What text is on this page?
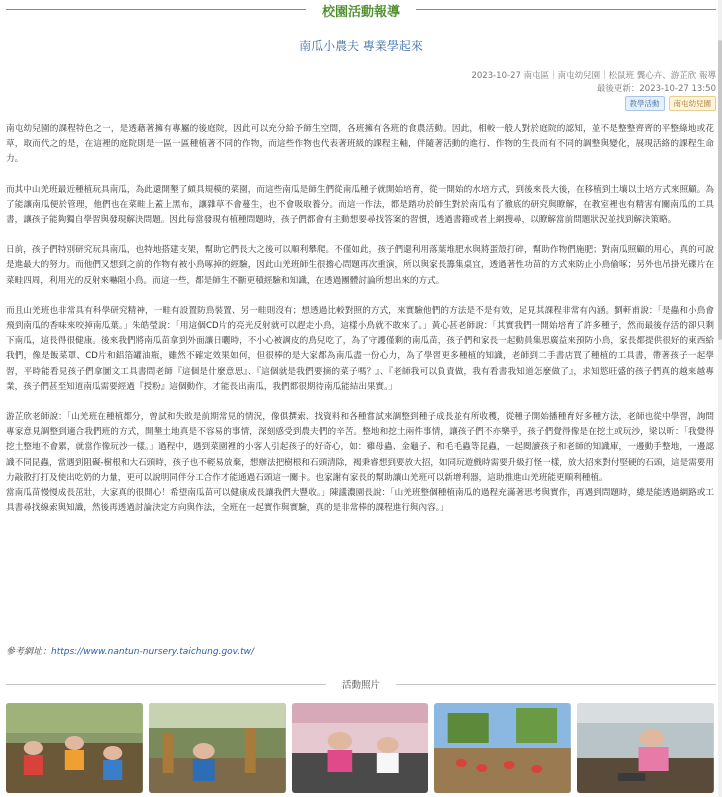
校園活動報導
南瓜小農夫 專業學起來
2023-10-27 南屯區｜南屯幼兒園｜松鼠班 龔心卉、游芷欣 報導
最後更新：2023-10-27 13:50
教學活動	南屯幼兒園

南屯幼兒園的課程特色之一，是透藉著擁有專屬的後庭院，因此可以充分給予師生空間，各班擁有各班的食農活動。因此，相較一般人對於庭院的認知，並不是整整齊齊的平整綠地或花草，取而代之的是，在這裡的庭院則是一區一區種植著不同的作物，而這些作物也代表著班級的課程主軸，伴隨著活動的進行、作物的生長而有不同的調整與變化，展現活絡的課程生命力。

而其中山羌班最近種植玩具南瓜，為此還開墾了頗具規模的菜園，而這些南瓜是師生們從南瓜種子就開始培育，從一開始的水培方式，到後來長大後，在移植到土壤以土培方式來照顧。為了能讓南瓜便於管理，他們也在菜畦上蓋上黑布，讓雜草不會蔓生，也不會吸取養分。而這一作法，都是踏功於師生對於南瓜有了徹底的研究與瞭解，在教室裡也有精害有關南瓜的工具書，讓孩子能夠獨自學習與發現解決問題。因此每當發現有植種問題時，孩子們都會有主動想要尋找答案的習慣，透過書籍或者上網搜尋，以瞭解當前問題狀況並找到解決策略。

日前，孩子們特別研究玩具南瓜，也特地搭建支架，幫助它們長大之後可以順利攀爬。不僅如此，孩子們還利用落葉堆肥水與將蛋殼打碎，幫助作物們施肥；對南瓜照顧的用心，真的可說是進最大的努力。而他們又想到之前的作物有被小鳥啄掉的經驗，因此山羌班師生很擔心問題再次重演，所以與家長籌集桌宜，透過著性功苗的方式來防止小鳥偷啄；另外也吊掛光碟片在菜畦四周，利用光的反射來嚇阻小鳥。而這一些，都是師生不斷更積經驗和知識，在透過團體討論所想出來的方式。

而且山羌班也非常具有科學研究精神，一畦有設置防鳥裝置、另一畦則沒有；想透過比較對照的方式，來實驗他們的方法是不是有效，足見其課程非常有內涵。劉軒甫說：「是蟲和小鳥會飛到南瓜的香味來咬掉南瓜葉。」朱皓瑩說：「用這個CD片的亮光反射就可以趕走小鳥，這樣小鳥就不敢來了。」黃心甚老師說：「其實我們一開始培育了許多種子，然而最後存活的卻只剩下南瓜，這長得很健康。後來我們將南瓜苗拿到外面讓日曬時，不小心被調皮的鳥兒吃了，為了守護僅剩的南瓜苗，孩子們和家長一起動員集思廣益來預防小鳥，家長都提供很好的東西給我們，像是飯菜罩、CD片和鋁箔罐油瓶，雖然不確定效果如何，但很棒的是大家都為南瓜盡一份心力，為了學習更多種植的知識，老師到二手書店買了種植的工具書，帶著孩子一起學習，平時能看見孩子們拿圖文工具書問老師『這個是什麼意思』、『這個就是我們要摘的菜子嗎？』、『老師我可以負責做，我有看書我知道怎麼做了』，求知慾旺盛的孩子們真的越來越專業，孩子們甚至知道南瓜需要經過『授粉』這個動作，才能長出南瓜，我們都很期待南瓜能結出果實。」

游芷欣老師說：「山羌班在種植都分，曾試和失敗是前期常見的情況，像俱撰索、找資料和各種嘗試來調整到種子成長並有所收穫，從種子開始播種育好多種方法，老師也從中學習，詢問專家意見調整到適合我們班的方式，開墾土地真是不容易的事情，深刻感受到農夫們的辛苦。整地和挖土兩件事情，讓孩子們不亦樂乎，孩子們覺得像是在挖土或玩沙，梁以昕：「我覺得挖土整地不會累，就當作像玩沙一樣。」過程中，遇到菜園裡的小客人引起孩子的好奇心，如：雞母蟲、金龜子、和毛毛蟲等昆蟲，一起閱讀孩子和老師的知識庫，一邊動手整地，一邊認識不同昆蟲，當遇到阻礙-樹根和大石頭時，孩子也不輕易放棄，想辦法把樹根和石頭清除，褐秉睿想到要放大招，如同玩遊戲時需要升級打怪一樣，放大招來對付堅硬的石頭，這是需要用力敲散打打及使出吃奶的力量，更可以說明同伴分工合作才能通過石頭這一關卡。也家謝有家長的幫助讓山羌班可以新增利器，這助推進山羌班能更順利種植。

當南瓜苗慢慢成長茁壯，大家真的很開心！希望南瓜苗可以健康成長讓我們大豐收。」陳議濃園長說：「山羌班整個種植南瓜的過程充滿著思考與實作，再遇到問題時，總是能透過網路或工具書尋找線索與知識，然後再透過討論決定方向與作法，全班在一起實作與實驗，真的是非常棒的課程進行與內容。」

參考網址：https://www.nantun-nursery.taichung.gov.tw/
活動照片
